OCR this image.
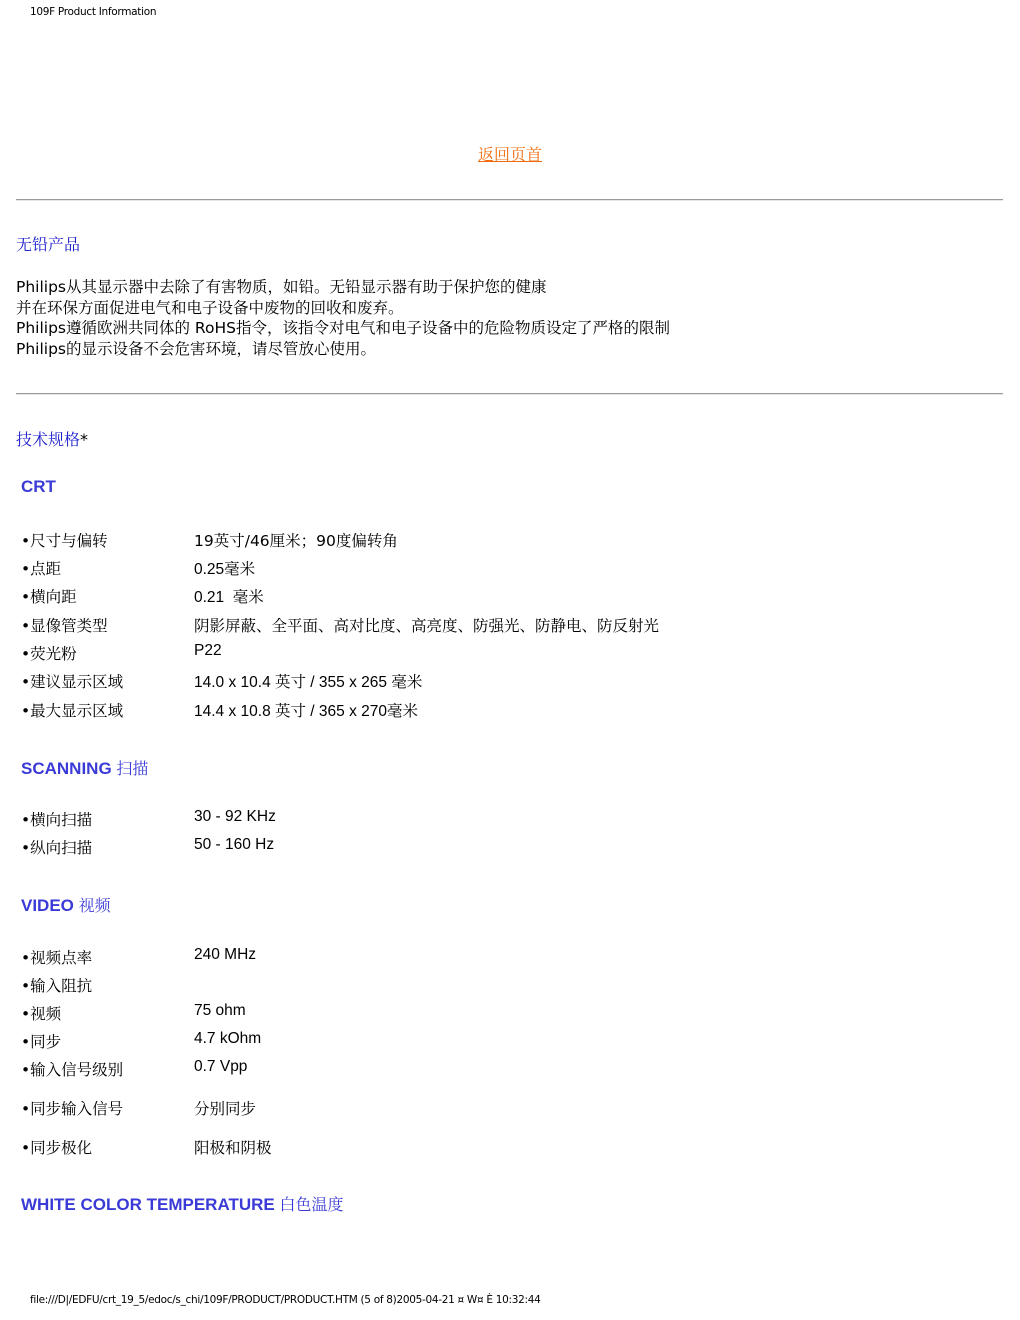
109F Product Information
返回页首
无铅产品
Philips从其显示器中去除了有害物质，如铅。无铅显示器有助于保护您的健康
并在环保方面促进电气和电子设备中废物的回收和废弃。
Philips遵循欧洲共同体的 RoHS指令，该指令对电气和电子设备中的危险物质设定了严格的限制
Philips的显示设备不会危害环境，请尽管放心使用。
技术规格*
CRT
•尺寸与偏转	19英寸/46厘米；90度偏转角
•点距	0.25毫米
•横向距	0.21  毫米
•显像管类型	阴影屏蔽、全平面、高对比度、高亮度、防强光、防静电、防反射光
•荧光粉	P22
•建议显示区域	14.0 x 10.4 英寸 / 355 x 265 毫米
•最大显示区域	14.4 x 10.8 英寸 / 365 x 270毫米
SCANNING 扫描
•横向扫描	30 - 92 KHz
•纵向扫描	50 - 160 Hz
VIDEO 视频
•视频点率	240 MHz
•输入阻抗
•视频	75 ohm
•同步	4.7 kOhm
•输入信号级别	0.7 Vpp
•同步输入信号	分别同步
•同步极化	阳极和阴极
WHITE COLOR TEMPERATURE 白色温度
file:///D|/EDFU/crt_19_5/edoc/s_chi/109F/PRODUCT/PRODUCT.HTM (5 of 8)2005-04-21 ¤ W¤ È 10:32:44
